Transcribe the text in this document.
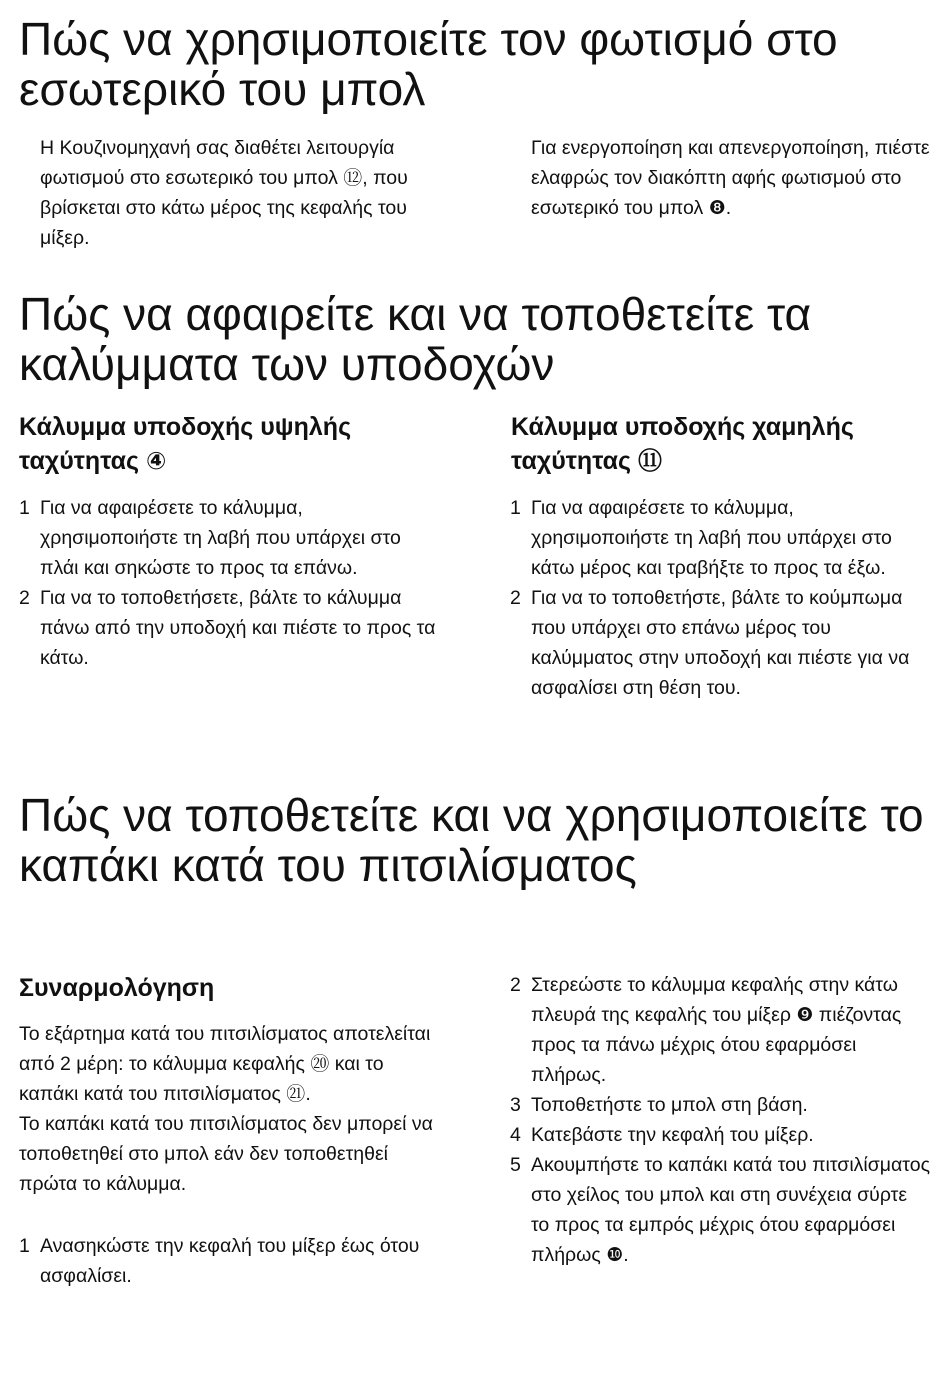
Πώς να χρησιμοποιείτε τον φωτισμό στο εσωτερικό του μπολ

Η Κουζινομηχανή σας διαθέτει λειτουργία φωτισμού στο εσωτερικό του μπολ ⑫, που βρίσκεται στο κάτω μέρος της κεφαλής του μίξερ.

Για ενεργοποίηση και απενεργοποίηση, πιέστε ελαφρώς τον διακόπτη αφής φωτισμού στο εσωτερικό του μπολ ❽.

Πώς να αφαιρείτε και να τοποθετείτε τα καλύμματα των υποδοχών
Κάλυμμα υποδοχής υψηλής ταχύτητας ④
1 Για να αφαιρέσετε το κάλυμμα, χρησιμοποιήστε τη λαβή που υπάρχει στο πλάι και σηκώστε το προς τα επάνω.
2 Για να το τοποθετήσετε, βάλτε το κάλυμμα πάνω από την υποδοχή και πιέστε το προς τα κάτω.
Κάλυμμα υποδοχής χαμηλής ταχύτητας ⑪
1 Για να αφαιρέσετε το κάλυμμα, χρησιμοποιήστε τη λαβή που υπάρχει στο κάτω μέρος και τραβήξτε το προς τα έξω.
2 Για να το τοποθετήστε, βάλτε το κούμπωμα που υπάρχει στο επάνω μέρος του καλύμματος στην υποδοχή και πιέστε για να ασφαλίσει στη θέση του.
Πώς να τοποθετείτε και να χρησιμοποιείτε το καπάκι κατά του πιτσιλίσματος
Συναρμολόγηση
Το εξάρτημα κατά του πιτσιλίσματος αποτελείται από 2 μέρη: το κάλυμμα κεφαλής ⑳ και το καπάκι κατά του πιτσιλίσματος ㉑.
Το καπάκι κατά του πιτσιλίσματος δεν μπορεί να τοποθετηθεί στο μπολ εάν δεν τοποθετηθεί πρώτα το κάλυμμα.
1 Ανασηκώστε την κεφαλή του μίξερ έως ότου ασφαλίσει.
2 Στερεώστε το κάλυμμα κεφαλής στην κάτω πλευρά της κεφαλής του μίξερ ❾ πιέζοντας προς τα πάνω μέχρις ότου εφαρμόσει πλήρως.
3 Τοποθετήστε το μπολ στη βάση.
4 Κατεβάστε την κεφαλή του μίξερ.
5 Ακουμπήστε το καπάκι κατά του πιτσιλίσματος στο χείλος του μπολ και στη συνέχεια σύρτε το προς τα εμπρός μέχρις ότου εφαρμόσει πλήρως ❿.
